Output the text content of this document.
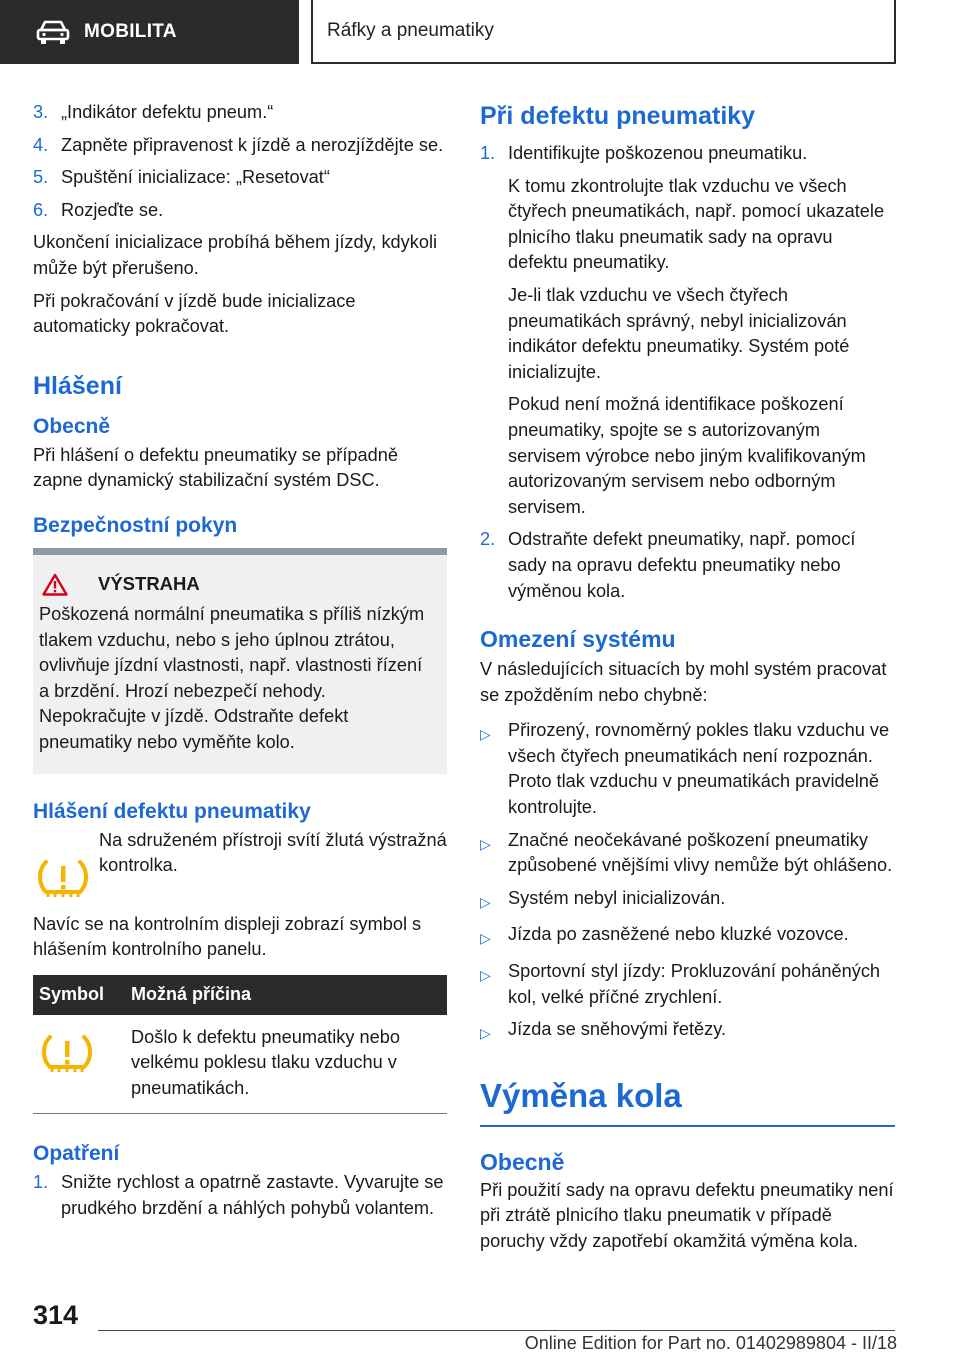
MOBILITA	Ráfky a pneumatiky
3. „Indikátor defektu pneum.“
4. Zapněte připravenost k jízdě a nerozjíždějte se.
5. Spuštění inicializace: „Resetovat“
6. Rozjeďte se.

Ukončení inicializace probíhá během jízdy, kdykoli může být přerušeno.

Při pokračování v jízdě bude inicializace automaticky pokračovat.

Hlášení
Obecně

Při hlášení o defektu pneumatiky se případně zapne dynamický stabilizační systém DSC.

Bezpečnostní pokyn
VÝSTRAHA

Poškozená normální pneumatika s příliš nízkým tlakem vzduchu, nebo s jeho úplnou ztrátou, ovlivňuje jízdní vlastnosti, např. vlastnosti řízení a brzdění. Hrozí nebezpečí nehody. Nepokračujte v jízdě. Odstraňte defekt pneumatiky nebo vyměňte kolo.

Hlášení defektu pneumatiky

Na sdruženém přístroji svítí žlutá výstražná kontrolka.

Navíc se na kontrolním displeji zobrazí symbol s hlášením kontrolního panelu.

Symbol	Možná příčina
	Došlo k defektu pneumatiky nebo velkému poklesu tlaku vzduchu v pneumatikách.
Opatření
1. Snižte rychlost a opatrně zastavte. Vyvarujte se prudkého brzdění a náhlých pohybů volantem.
Při defektu pneumatiky
1. Identifikujte poškozenou pneumatiku.

K tomu zkontrolujte tlak vzduchu ve všech čtyřech pneumatikách, např. pomocí ukazatele plnicího tlaku pneumatik sady na opravu defektu pneumatiky.

Je-li tlak vzduchu ve všech čtyřech pneumatikách správný, nebyl inicializován indikátor defektu pneumatiky. Systém poté inicializujte.

Pokud není možná identifikace poškození pneumatiky, spojte se s autorizovaným servisem výrobce nebo jiným kvalifikovaným autorizovaným servisem nebo odborným servisem.

2. Odstraňte defekt pneumatiky, např. pomocí sady na opravu defektu pneumatiky nebo výměnou kola.
Omezení systému

V následujících situacích by mohl systém pracovat se zpožděním nebo chybně:

▷ Přirozený, rovnoměrný pokles tlaku vzduchu ve všech čtyřech pneumatikách není rozpoznán. Proto tlak vzduchu v pneumatikách pravidelně kontrolujte.
▷ Značné neočekávané poškození pneumatiky způsobené vnějšími vlivy nemůže být ohlášeno.
▷ Systém nebyl inicializován.
▷ Jízda po zasněžené nebo kluzké vozovce.
▷ Sportovní styl jízdy: Prokluzování poháněných kol, velké příčné zrychlení.
▷ Jízda se sněhovými řetězy.
Výměna kola
Obecně

Při použití sady na opravu defektu pneumatiky není při ztrátě plnicího tlaku pneumatik v případě poruchy vždy zapotřebí okamžitá výměna kola.

314
Online Edition for Part no. 01402989804 - II/18
